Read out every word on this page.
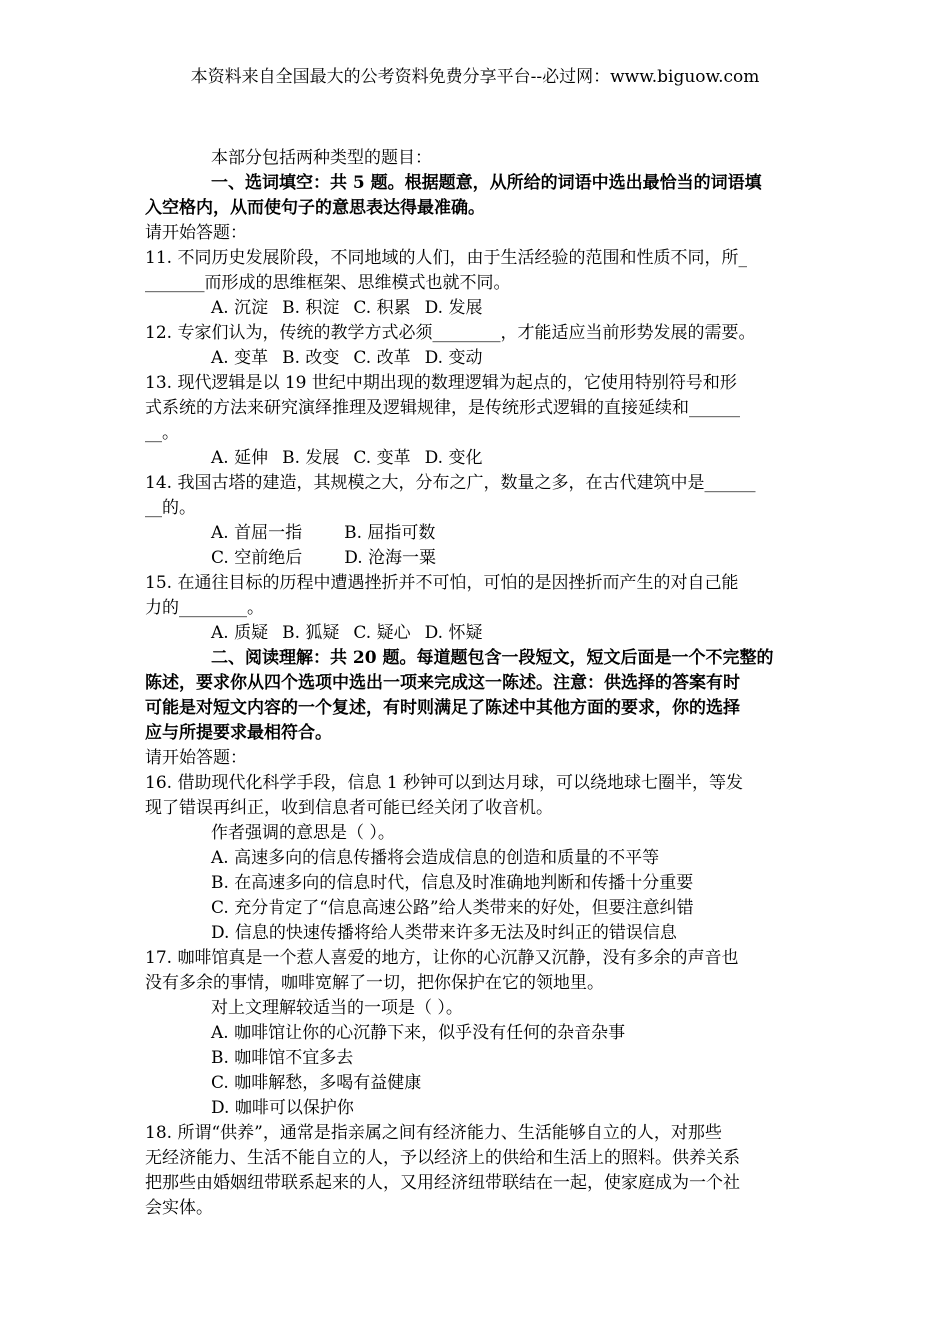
本资料来自全国最大的公考资料免费分享平台--必过网：www.biguow.com
本部分包括两种类型的题目：
一、选词填空：共 5 题。根据题意，从所给的词语中选出最恰当的词语填
入空格内，从而使句子的意思表达得最准确。
请开始答题：
11. 不同历史发展阶段，不同地域的人们，由于生活经验的范围和性质不同，所_
_______而形成的思维框架、思维模式也就不同。
A. 沉淀 B. 积淀 C. 积累 D. 发展
12. 专家们认为，传统的教学方式必须________，才能适应当前形势发展的需要。
A. 变革 B. 改变 C. 改革 D. 变动
13. 现代逻辑是以 19 世纪中期出现的数理逻辑为起点的，它使用特别符号和形
式系统的方法来研究演绎推理及逻辑规律，是传统形式逻辑的直接延续和______
__。
A. 延伸 B. 发展 C. 变革 D. 变化
14. 我国古塔的建造，其规模之大，分布之广，数量之多，在古代建筑中是______
__的。
A. 首屈一指 B. 屈指可数
C. 空前绝后 D. 沧海一粟
15. 在通往目标的历程中遭遇挫折并不可怕，可怕的是因挫折而产生的对自己能
力的________。
A. 质疑 B. 狐疑 C. 疑心 D. 怀疑
二、阅读理解：共 20 题。每道题包含一段短文，短文后面是一个不完整的
陈述，要求你从四个选项中选出一项来完成这一陈述。注意：供选择的答案有时
可能是对短文内容的一个复述，有时则满足了陈述中其他方面的要求，你的选择
应与所提要求最相符合。
请开始答题：
16. 借助现代化科学手段，信息 1 秒钟可以到达月球，可以绕地球七圈半，等发
现了错误再纠正，收到信息者可能已经关闭了收音机。
作者强调的意思是（ ）。
A. 高速多向的信息传播将会造成信息的创造和质量的不平等
B. 在高速多向的信息时代，信息及时准确地判断和传播十分重要
C. 充分肯定了“信息高速公路”给人类带来的好处，但要注意纠错
D. 信息的快速传播将给人类带来许多无法及时纠正的错误信息
17. 咖啡馆真是一个惹人喜爱的地方，让你的心沉静又沉静，没有多余的声音也
没有多余的事情，咖啡宽解了一切，把你保护在它的领地里。
对上文理解较适当的一项是（ ）。
A. 咖啡馆让你的心沉静下来，似乎没有任何的杂音杂事
B. 咖啡馆不宜多去
C. 咖啡解愁，多喝有益健康
D. 咖啡可以保护你
18. 所谓“供养”，通常是指亲属之间有经济能力、生活能够自立的人，对那些
无经济能力、生活不能自立的人，予以经济上的供给和生活上的照料。供养关系
把那些由婚姻纽带联系起来的人，又用经济纽带联结在一起，使家庭成为一个社
会实体。
